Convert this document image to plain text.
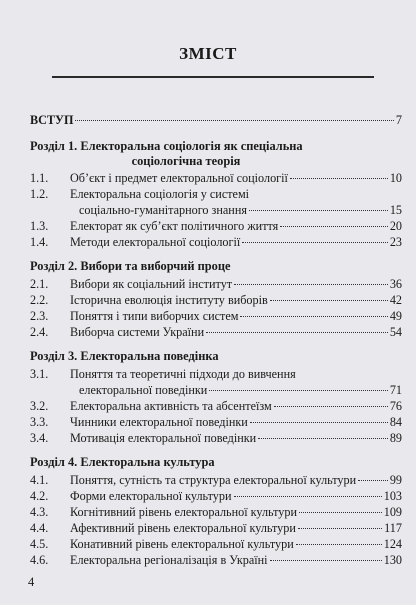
ЗМІСТ
ВСТУП	7
Розділ 1. Електоральна соціологія як спеціальна
соціологічна теорія
1.1.	Об’єкт і предмет електоральної соціології	10
1.2.	Електоральна соціологія у системі
соціально-гуманітарного знання	15
1.3.	Електорат як суб’єкт політичного життя	20
1.4.	Методи електоральної соціології	23
Розділ 2. Вибори та виборчий проце
2.1.	Вибори як соціальний інститут	36
2.2.	Історична еволюція інституту виборів	42
2.3.	Поняття і типи виборчих систем	49
2.4.	Виборча системи України	54
Розділ 3. Електоральна поведінка
3.1.	Поняття та теоретичні підходи до вивчення
електоральної поведінки	71
3.2.	Електоральна активність та абсентеїзм	76
3.3.	Чинники електоральної поведінки	84
3.4.	Мотивація електоральної поведінки	89
Розділ 4. Електоральна культура
4.1.	Поняття, сутність та структура електоральної культури	99
4.2.	Форми електоральної культури	103
4.3.	Когнітивний рівень електоральної культури	109
4.4.	Афективний рівень електоральної культури	117
4.5.	Конативний рівень електоральної культури	124
4.6.	Електоральна регіоналізація в Україні	130
4
